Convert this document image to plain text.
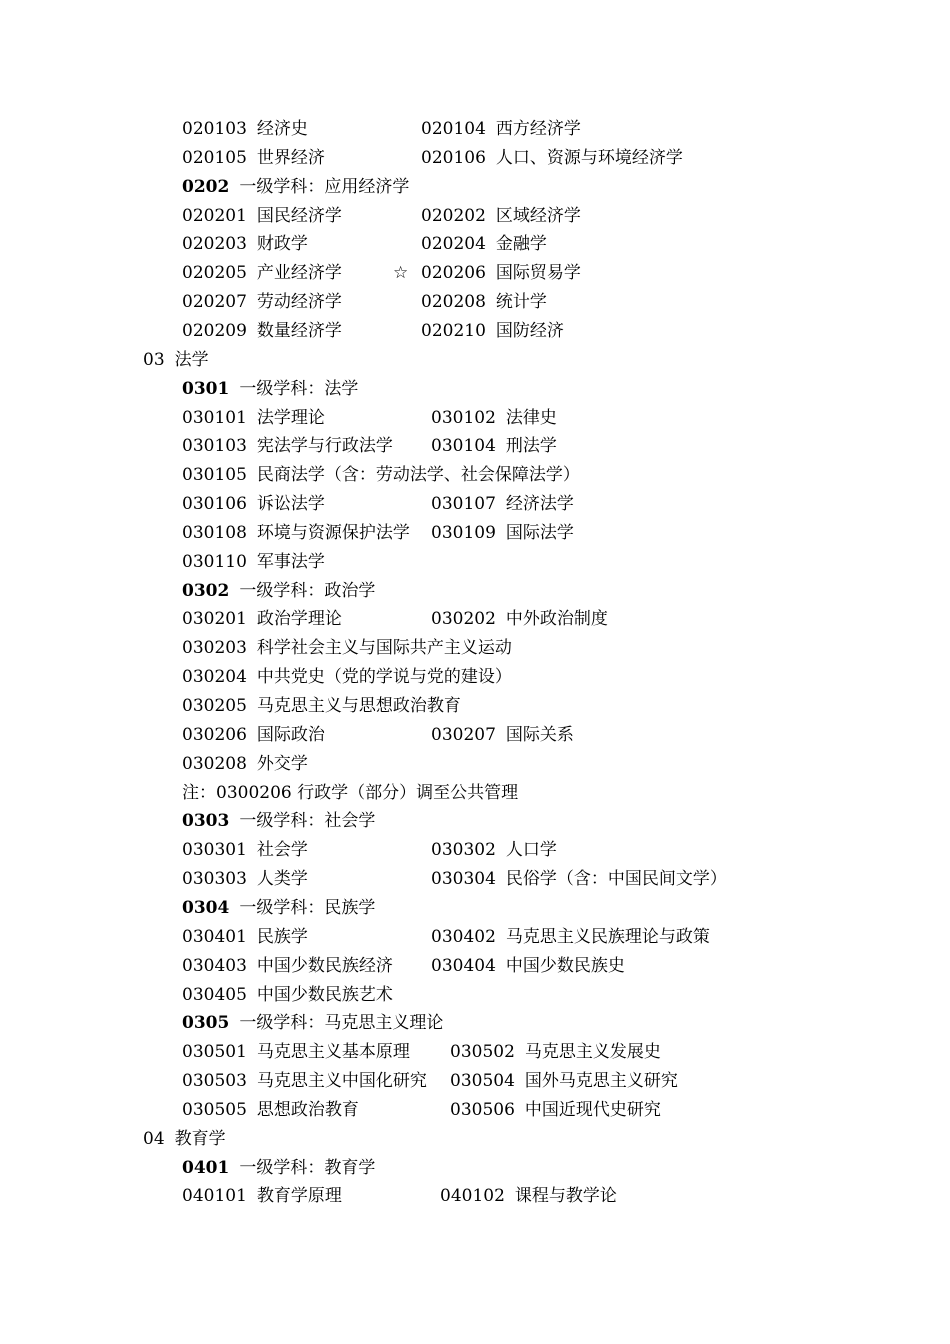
020103 经济史	020104 西方经济学
020105 世界经济	020106 人口、资源与环境经济学
0202 一级学科：应用经济学
020201 国民经济学	020202 区域经济学
020203 财政学	020204 金融学
020205 产业经济学	☆ 020206 国际贸易学
020207 劳动经济学	020208 统计学
020209 数量经济学	020210 国防经济
03 法学
0301 一级学科：法学
030101 法学理论	030102 法律史
030103 宪法学与行政法学 030104 刑法学
030105 民商法学（含：劳动法学、社会保障法学）
030106 诉讼法学	030107 经济法学
030108 环境与资源保护法学 030109 国际法学
030110 军事法学
0302 一级学科：政治学
030201 政治学理论	030202 中外政治制度
030203 科学社会主义与国际共产主义运动
030204 中共党史（党的学说与党的建设）
030205 马克思主义与思想政治教育
030206 国际政治	030207 国际关系
030208 外交学
注：0300206 行政学（部分）调至公共管理
0303 一级学科：社会学
030301 社会学	030302 人口学
030303 人类学	030304 民俗学（含：中国民间文学）
0304 一级学科：民族学
030401 民族学	030402 马克思主义民族理论与政策
030403 中国少数民族经济 030404 中国少数民族史
030405 中国少数民族艺术
0305 一级学科：马克思主义理论
030501 马克思主义基本原理 030502 马克思主义发展史
030503 马克思主义中国化研究 030504 国外马克思主义研究
030505 思想政治教育	030506 中国近现代史研究
04 教育学
0401 一级学科：教育学
040101 教育学原理	040102 课程与教学论
